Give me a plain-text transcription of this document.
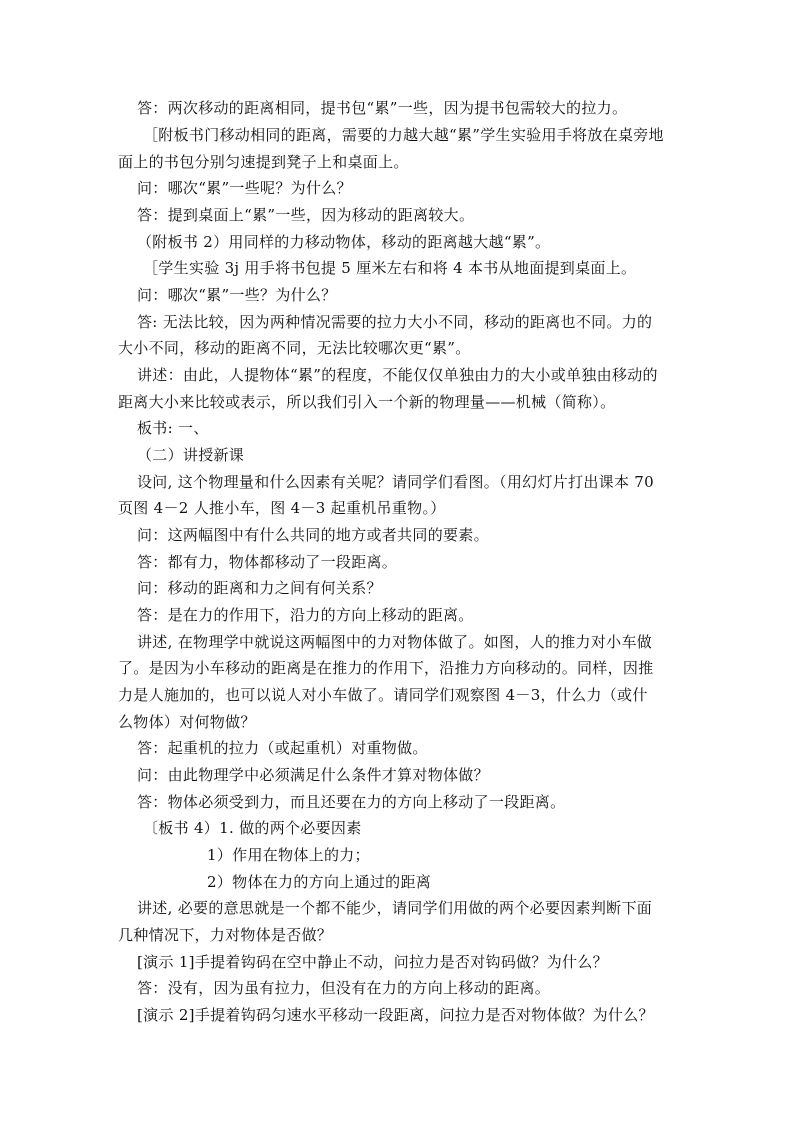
答：两次移动的距离相同，提书包“累”一些，因为提书包需较大的拉力。
［附板书门移动相同的距离，需要的力越大越“累”学生实验用手将放在桌旁地
面上的书包分别匀速提到凳子上和桌面上。
问：哪次“累”一些呢？为什么？
答：提到桌面上“累”一些，因为移动的距离较大。
（附板书 2）用同样的力移动物体，移动的距离越大越“累”。
［学生实验 3j 用手将书包提 5 厘米左右和将 4 本书从地面提到桌面上。
问：哪次“累”一些？为什么？
答: 无法比较，因为两种情况需要的拉力大小不同，移动的距离也不同。力的
大小不同，移动的距离不同，无法比较哪次更“累”。
讲述：由此，人提物体“累”的程度，不能仅仅单独由力的大小或单独由移动的
距离大小来比较或表示，所以我们引入一个新的物理量——机械（简称）。
板书: 一、
（二）讲授新课
设问, 这个物理量和什么因素有关呢？请同学们看图。（用幻灯片打出课本 70
页图 4－2 人推小车，图 4－3 起重机吊重物。）
问：这两幅图中有什么共同的地方或者共同的要素。
答：都有力，物体都移动了一段距离。
问：移动的距离和力之间有何关系？
答：是在力的作用下，沿力的方向上移动的距离。
讲述, 在物理学中就说这两幅图中的力对物体做了。如图，人的推力对小车做
了。是因为小车移动的距离是在推力的作用下，沿推力方向移动的。同样，因推
力是人施加的，也可以说人对小车做了。请同学们观察图 4－3，什么力（或什
么物体）对何物做？
答：起重机的拉力（或起重机）对重物做。
问：由此物理学中必须满足什么条件才算对物体做？
答：物体必须受到力，而且还要在力的方向上移动了一段距离。
〔板书 4）1. 做的两个必要因素
1）作用在物体上的力；
2）物体在力的方向上通过的距离
讲述, 必要的意思就是一个都不能少，请同学们用做的两个必要因素判断下面
几种情况下，力对物体是否做？
[演示 1]手提着钩码在空中静止不动，问拉力是否对钩码做？为什么？
答：没有，因为虽有拉力，但没有在力的方向上移动的距离。
[演示 2]手提着钩码匀速水平移动一段距离，问拉力是否对物体做？为什么？
